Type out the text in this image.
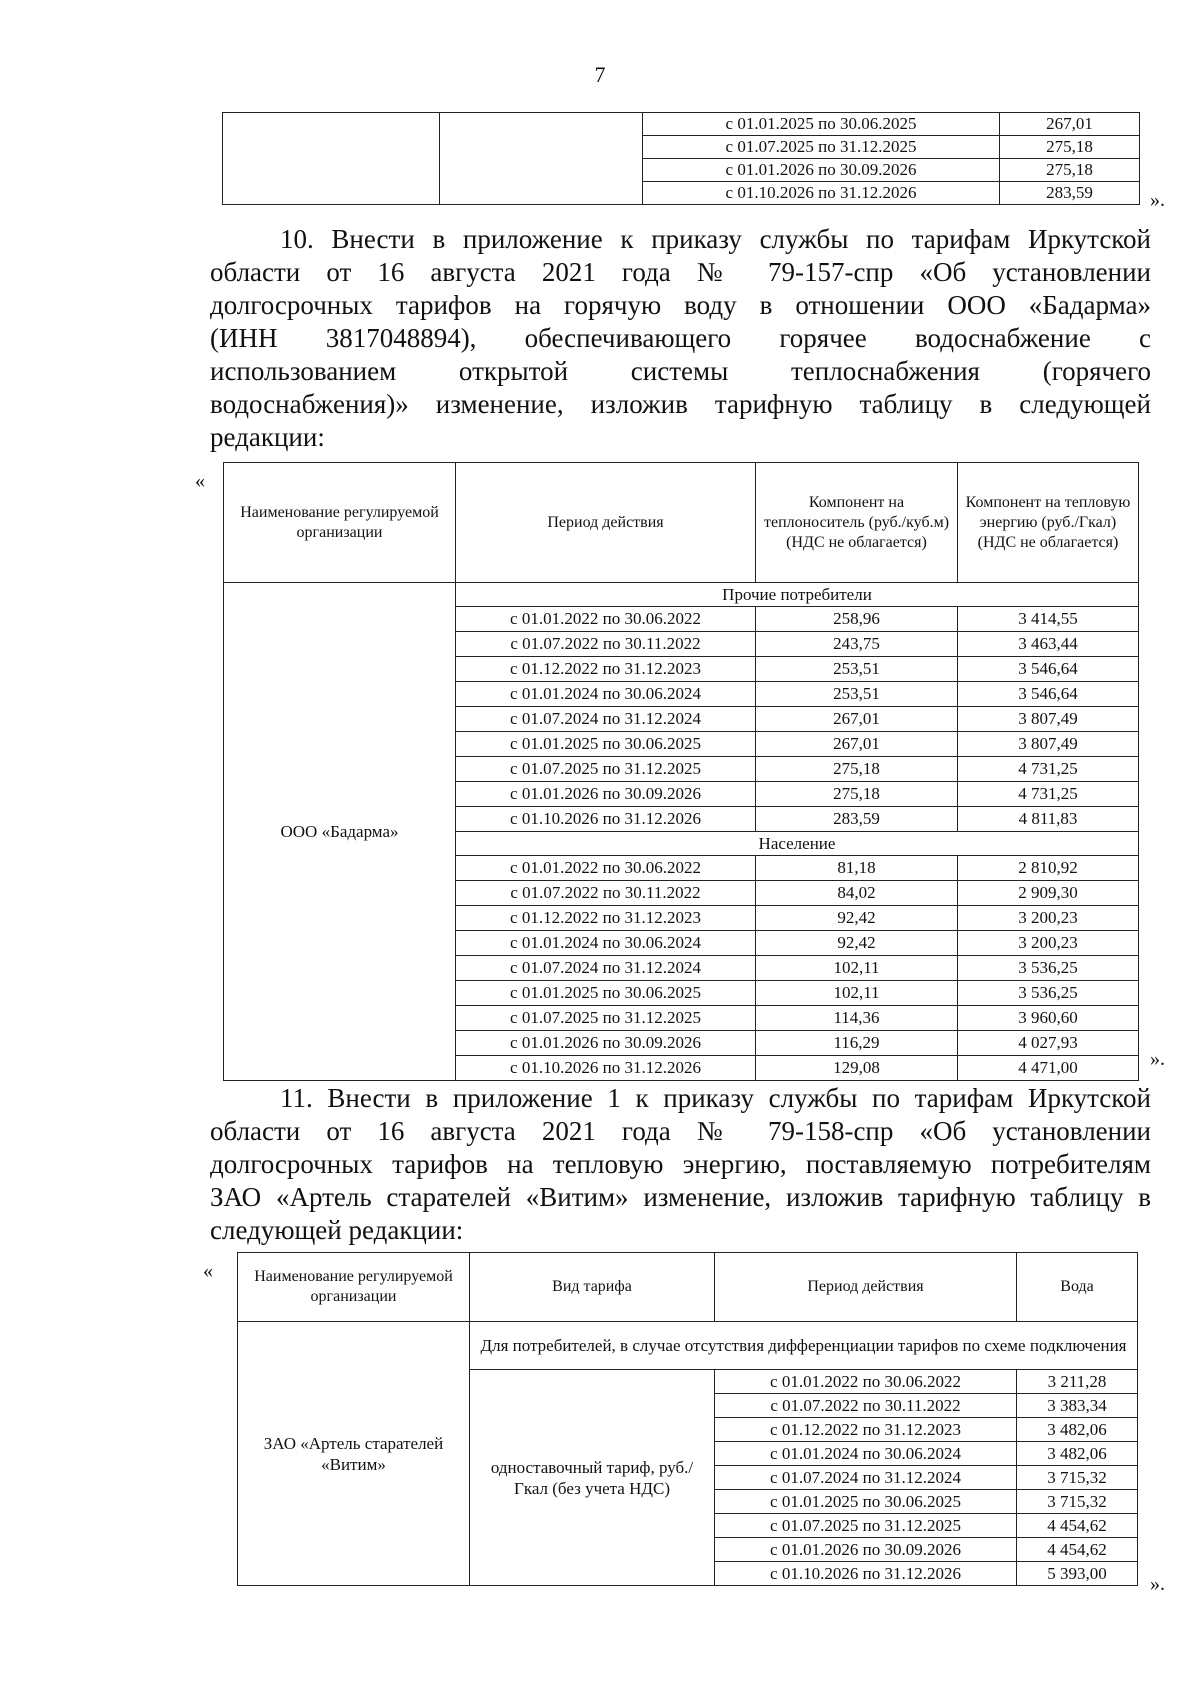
7
		с 01.01.2025 по 30.06.2025	267,01
		с 01.07.2025 по 31.12.2025	275,18
		с 01.01.2026 по 30.09.2026	275,18
		с 01.10.2026 по 31.12.2026	283,59	».
10. Внести в приложение к приказу службы по тарифам Иркутской
области от 16 августа 2021 года № 79-157-спр «Об установлении
долгосрочных тарифов на горячую воду в отношении ООО «Бадарма»
(ИНН 3817048894), обеспечивающего горячее водоснабжение с
использованием открытой системы теплоснабжения (горячего
водоснабжения)» изменение, изложив тарифную таблицу в следующей
редакции:
«
Наименование регулируемой организации	Период действия	Компонент на теплоноситель (руб./куб.м) (НДС не облагается)	Компонент на тепловую энергию (руб./Гкал) (НДС не облагается)
ООО «Бадарма»	Прочие потребители		
	с 01.01.2022 по 30.06.2022	258,96	3 414,55
	с 01.07.2022 по 30.11.2022	243,75	3 463,44
	с 01.12.2022 по 31.12.2023	253,51	3 546,64
	с 01.01.2024 по 30.06.2024	253,51	3 546,64
	с 01.07.2024 по 31.12.2024	267,01	3 807,49
	с 01.01.2025 по 30.06.2025	267,01	3 807,49
	с 01.07.2025 по 31.12.2025	275,18	4 731,25
	с 01.01.2026 по 30.09.2026	275,18	4 731,25
	с 01.10.2026 по 31.12.2026	283,59	4 811,83
	Население		
	с 01.01.2022 по 30.06.2022	81,18	2 810,92
	с 01.07.2022 по 30.11.2022	84,02	2 909,30
	с 01.12.2022 по 31.12.2023	92,42	3 200,23
	с 01.01.2024 по 30.06.2024	92,42	3 200,23
	с 01.07.2024 по 31.12.2024	102,11	3 536,25
	с 01.01.2025 по 30.06.2025	102,11	3 536,25
	с 01.07.2025 по 31.12.2025	114,36	3 960,60
	с 01.01.2026 по 30.09.2026	116,29	4 027,93
	с 01.10.2026 по 31.12.2026	129,08	4 471,00	».
11. Внести в приложение 1 к приказу службы по тарифам Иркутской
области от 16 августа 2021 года № 79-158-спр «Об установлении
долгосрочных тарифов на тепловую энергию, поставляемую потребителям
ЗАО «Артель старателей «Витим» изменение, изложив тарифную таблицу в
следующей редакции:
«	Наименование регулируемой организации	Вид тарифа	Период действия	Вода
ЗАО «Артель старателей «Витим»	Для потребителей, в случае отсутствия дифференциации тарифов по схеме подключения		
	одноставочный тариф, руб./Гкал (без учета НДС)	с 01.01.2022 по 30.06.2022	3 211,28
		с 01.07.2022 по 30.11.2022	3 383,34
		с 01.12.2022 по 31.12.2023	3 482,06
		с 01.01.2024 по 30.06.2024	3 482,06
		с 01.07.2024 по 31.12.2024	3 715,32
		с 01.01.2025 по 30.06.2025	3 715,32
		с 01.07.2025 по 31.12.2025	4 454,62
		с 01.01.2026 по 30.09.2026	4 454,62
		с 01.10.2026 по 31.12.2026	5 393,00 ».
